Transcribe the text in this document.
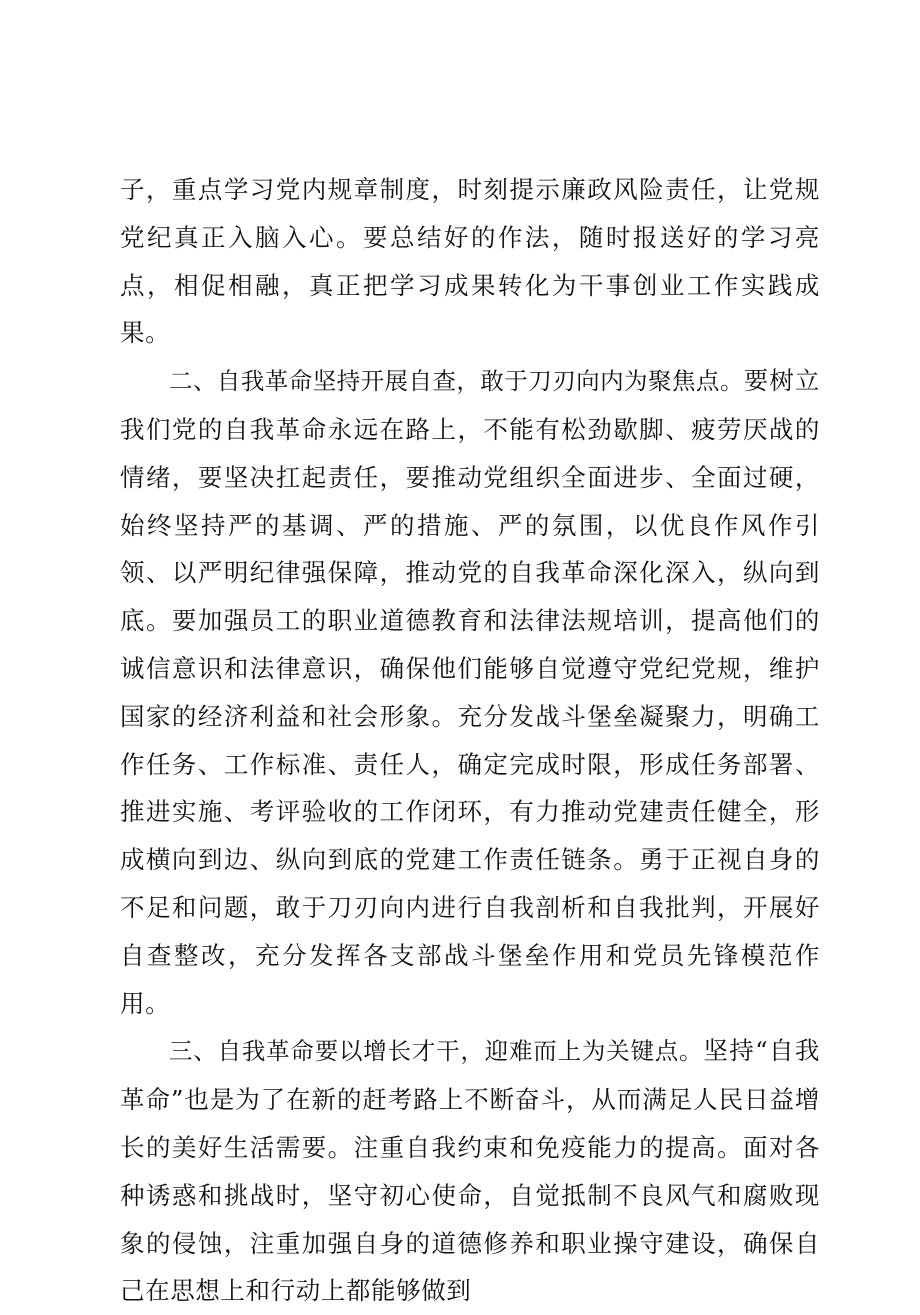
子，重点学习党内规章制度，时刻提示廉政风险责任，让党规党纪真正入脑入心。要总结好的作法，随时报送好的学习亮点，相促相融，真正把学习成果转化为干事创业工作实践成果。

二、自我革命坚持开展自查，敢于刀刃向内为聚焦点。要树立我们党的自我革命永远在路上，不能有松劲歇脚、疲劳厌战的情绪，要坚决扛起责任，要推动党组织全面进步、全面过硬，始终坚持严的基调、严的措施、严的氛围，以优良作风作引领、以严明纪律强保障，推动党的自我革命深化深入，纵向到底。要加强员工的职业道德教育和法律法规培训，提高他们的诚信意识和法律意识，确保他们能够自觉遵守党纪党规，维护国家的经济利益和社会形象。充分发战斗堡垒凝聚力，明确工作任务、工作标准、责任人，确定完成时限，形成任务部署、推进实施、考评验收的工作闭环，有力推动党建责任健全，形成横向到边、纵向到底的党建工作责任链条。勇于正视自身的不足和问题，敢于刀刃向内进行自我剖析和自我批判，开展好自查整改，充分发挥各支部战斗堡垒作用和党员先锋模范作用。

三、自我革命要以增长才干，迎难而上为关键点。坚持“自我革命”也是为了在新的赶考路上不断奋斗，从而满足人民日益增长的美好生活需要。注重自我约束和免疫能力的提高。面对各种诱惑和挑战时，坚守初心使命，自觉抵制不良风气和腐败现象的侵蚀，注重加强自身的道德修养和职业操守建设，确保自己在思想上和行动上都能够做到
